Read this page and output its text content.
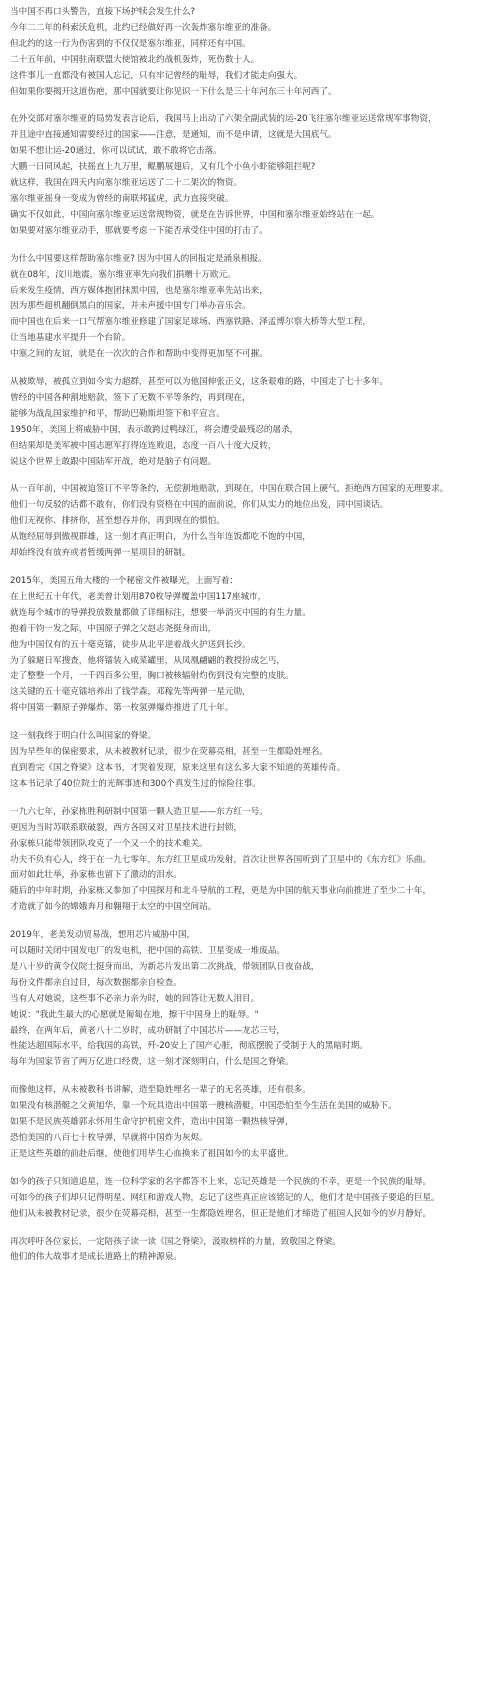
当中国不再口头警告，直接下场护犊会发生什么?
今年二二年的科索沃危机，北约已经做好再一次轰炸塞尔维亚的准备。
但北约的这一行为伤害到的不仅仅是塞尔维亚，同样还有中国。
二十五年前，中国驻南联盟大使馆被北约战机轰炸，死伤数十人。
这件事儿一直都没有被国人忘记，只有牢记曾经的耻辱，我们才能走向强大。
但如果你要揭开这道伤疤，那中国就要让你见识一下什么是三十年河东三十年河西了。
在外交部对塞尔维亚的局势发表言论后，我国马上出动了六架全副武装的运-20飞往塞尔维亚运送常规军事物资，
并且途中直接通知需要经过的国家——注意，是通知，而不是申请，这就是大国底气。
如果不想让运-20通过，你可以试试，敢不敢将它击落。
大鹏一日同风起，扶摇直上九万里，鲲鹏展翅后，又有几个小鱼小虾能够阻拦呢?
就这样，我国在四天内向塞尔维亚运送了二十二架次的物资。
塞尔维亚摇身一变成为曾经的南联邦猛虎，武力直接突破。
确实不仅如此，中国向塞尔维亚运送常规物资，就是在告诉世界，中国和塞尔维亚始终站在一起。
如果要对塞尔维亚动手，那就要考虑一下能否承受住中国的打击了。
为什么中国要这样帮助塞尔维亚? 因为中国人的回报定是涌泉相报。
就在08年，汶川地震，塞尔维亚率先向我们捐赠十万欧元。
后来发生疫情，西方媒体抱团抹黑中国，也是塞尔维亚率先站出来，
因为那些超机翻倒黑白的国家，并未声援中国专门举办音乐会。
而中国也在后来一口气帮塞尔维亚修建了国家足球场、西塞铁路、泽孟博尔察大桥等大型工程，
让当地基建水平提升一个台阶。
中塞之间的友谊，就是在一次次的合作和帮助中变得更加坚不可摧。
从被欺辱，被孤立到如今实力超群，甚至可以为他国伸张正义，这条艰难的路，中国走了七十多年。
曾经的中国各种割地赔款，签下了无数不平等条约，再到现在，
能够为战乱国家维护和平，帮助巴勒斯坦签下和平宣言。
1950年，美国上将威胁中国，表示敢跨过鸭绿江，将会遭受最残忍的屠杀，
但结果却是美军被中国志愿军打得连连败退，态度一百八十度大反转，
说这个世界上敢跟中国陆军开战，绝对是脑子有问题。
从一百年前，中国被迫签订不平等条约，无偿割地赔款，到现在，中国在联合国上硬气，拒绝西方国家的无理要求。
他们一句反驳的话都不敢有，你们没有资格在中国的面前说，你们从实力的地位出发，同中国谈话。
他们无视你、排挤你，甚至想吞并你，再到现在的惧怕。
从饱经屈辱到傲视群雄，这一刻才真正明白，为什么当年连饭都吃不饱的中国，
却始终没有放弃或者暂缓两弹一星项目的研制。
2015年，美国五角大楼的一个秘密文件被曝光，上面写着：
在上世纪五十年代，老美曾计划用870枚导弹覆盖中国117座城市，
就连每个城市的导弹投放数量都做了详细标注，想要一举消灭中国的有生力量。
抱着干钧一发之际，中国原子弹之父赵志尧挺身而出，
他为中国仅有的五十毫克镭，徒步从北平逆着战火护送到长沙。
为了躲避日军搜查，他将镭装入咸菜罐里，从凤凰翩翩的教授扮成乞丐，
走了整整一个月，一千四百多公里，胸口被核辐射灼伤到没有完整的皮肤。
这关键的五十毫克镭培养出了钱学森，邓稼先等两弹一星元勋，
将中国第一颗原子弹爆炸、第一枚氢弹爆炸推进了几十年。
这一刻我终于明白什么叫国家的脊梁。
因为早些年的保密要求，从未被教材记录，很少在荧幕亮相，甚至一生都隐姓埋名。
直到看完《国之脊梁》这本书，才哭着发现，原来这里有这么多大家不知道的英雄传奇。
这本书记录了40位院士的光辉事迹和300个真发生过的惊险往事。
一九六七年，孙家栋胜利研制中国第一颗人造卫星——东方红一号。
更因为当时苏联系联破裂，西方各国又对卫星技术进行封锁，
孙家栋只能带领团队攻克了一个又一个的技术难关。
功夫不负有心人，终于在一九七零年，东方红卫星成功发射，首次让世界各国听到了卫星中的《东方红》乐曲。
面对如此壮举，孙家栋也留下了激动的泪水。
随后的中年时期，孙家栋又参加了中国探月和北斗导航的工程，更是为中国的航天事业向前推进了至少二十年，
才造就了如今的嫦娥奔月和翱翔于太空的中国空间站。
2019年，老美发动贸易战，想用芯片威胁中国，
可以随时关闭中国发电厂的发电机，把中国的高铁、卫星变成一堆废品。
是八十岁的黄令仪院士挺身而出，为新芯片发出第二次挑战，带领团队日夜奋战，
每份文件都亲自过目，每次数据都亲自检查。
当有人对她说，这些事不必亲力亲为时，她的回答让无数人泪目。
她说："我此生最大的心愿就是匍匐在地，擦干中国身上的耻辱。"
最终，在两年后，黄老八十二岁时，成功研制了中国芯片——龙芯三号，
性能达超国际水平，给我国的高铁，歼-20安上了国产心脏，彻底摆脱了受制于人的黑暗时期。
每年为国家节省了两万亿进口经费，这一刻才深刻明白，什么是国之脊梁。
而像他这样，从未被教科书讲解，造至隐姓埋名一辈子的无名英雄，还有很多。
如果没有核潜艇之父黄旭华，靠一个玩具造出中国第一艘核潜艇，中国恐怕至今生活在美国的威胁下。
如果不是民族英雄郭永怀用生命守护机密文件，造出中国第一颗热核导弹，
恐怕美国的八百七十枚导弹，早就将中国炸为灰烬。
正是这些英雄的前赴后继，使他们用毕生心血换来了祖国如今的太平盛世。
如今的孩子只知道追星，连一位科学家的名字都答不上来，忘记英雄是一个民族的不幸，更是一个民族的耻辱。
可如今的孩子们却只记得明星、网红和游戏人物，忘记了这些真正应该铭记的人，他们才是中国孩子要追的巨星。
他们从未被教材记录，很少在荧幕亮相，甚至一生都隐姓埋名，但正是他们才缔造了祖国人民如今的岁月静好。
再次呼吁各位家长，一定陪孩子读一读《国之脊梁》，汲取榜样的力量，致敬国之脊梁。
他们的伟大故事才是成长道路上的精神源泉。
